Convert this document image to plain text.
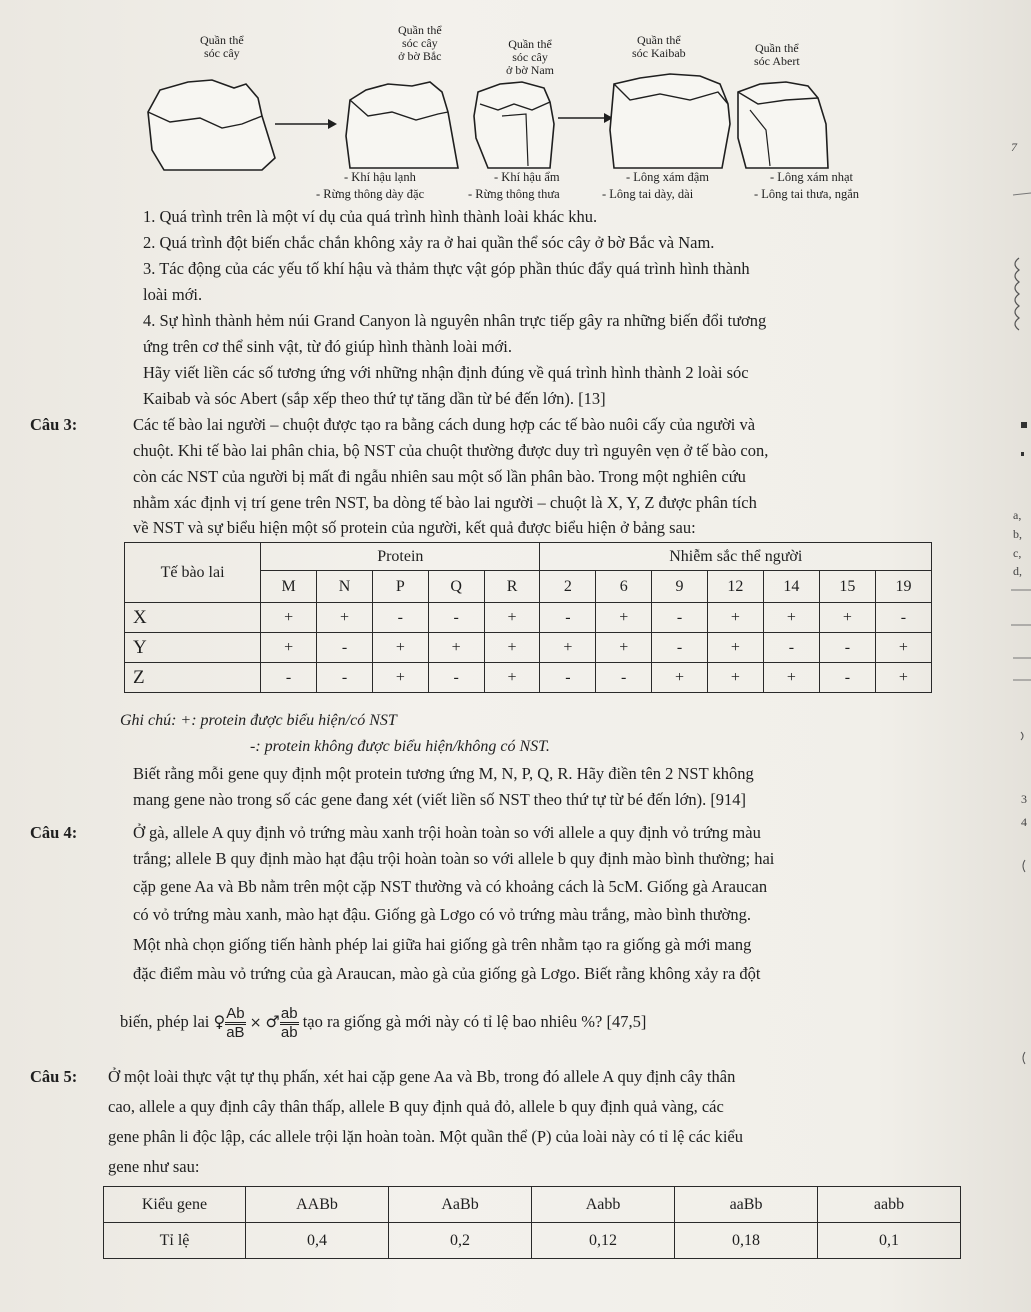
Quần thể
sóc cây
Quần thể
sóc cây
ở bờ Bắc
Quần thể
sóc cây
ở bờ Nam
Quần thể
sóc Kaibab	Quần thể
sóc Abert
- Khí hậu lạnh	- Khí hậu ẩm	- Lông xám đậm	- Lông xám nhạt
- Rừng thông dày đặc	- Rừng thông thưa	- Lông tai dày, dài	- Lông tai thưa, ngắn
1. Quá trình trên là một ví dụ của quá trình hình thành loài khác khu.
2. Quá trình đột biến chắc chắn không xảy ra ở hai quần thể sóc cây ở bờ Bắc và Nam.
3. Tác động của các yếu tố khí hậu và thảm thực vật góp phần thúc đẩy quá trình hình thành
loài mới.
4. Sự hình thành hẻm núi Grand Canyon là nguyên nhân trực tiếp gây ra những biến đổi tương
ứng trên cơ thể sinh vật, từ đó giúp hình thành loài mới.
Hãy viết liền các số tương ứng với những nhận định đúng về quá trình hình thành 2 loài sóc
Kaibab và sóc Abert (sắp xếp theo thứ tự tăng dần từ bé đến lớn). [13]
Câu 3:	Các tế bào lai người – chuột được tạo ra bằng cách dung hợp các tế bào nuôi cấy của người và
chuột. Khi tế bào lai phân chia, bộ NST của chuột thường được duy trì nguyên vẹn ở tế bào con,
còn các NST của người bị mất đi ngẫu nhiên sau một số lần phân bào. Trong một nghiên cứu
nhằm xác định vị trí gene trên NST, ba dòng tế bào lai người – chuột là X, Y, Z được phân tích
về NST và sự biểu hiện một số protein của người, kết quả được biểu hiện ở bảng sau:
Tế bào lai	Protein					Nhiễm sắc thể người						
	M	N	P	Q	R	2	6	9	12	14	15	19
X	+	+	-	-	+	-	+	-	+	+	+	-
Y	+	-	+	+	+	+	+	-	+	-	-	+
Z	-	-	+	-	+	-	-	+	+	+	-	+
Ghi chú: +: protein được biểu hiện/có NST
-: protein không được biểu hiện/không có NST.
Biết rằng mỗi gene quy định một protein tương ứng M, N, P, Q, R. Hãy điền tên 2 NST không
mang gene nào trong số các gene đang xét (viết liền số NST theo thứ tự từ bé đến lớn). [914]
Câu 4:	Ở gà, allele A quy định vỏ trứng màu xanh trội hoàn toàn so với allele a quy định vỏ trứng màu
trắng; allele B quy định mào hạt đậu trội hoàn toàn so với allele b quy định mào bình thường; hai
cặp gene Aa và Bb nằm trên một cặp NST thường và có khoảng cách là 5cM. Giống gà Araucan
có vỏ trứng màu xanh, mào hạt đậu. Giống gà Lơgo có vỏ trứng màu trắng, mào bình thường.
Một nhà chọn giống tiến hành phép lai giữa hai giống gà trên nhằm tạo ra giống gà mới mang
đặc điểm màu vỏ trứng của gà Araucan, mào gà của giống gà Lơgo. Biết rằng không xảy ra đột
biến, phép lai ♀ $\frac{Ab}{aB}$ × ♂ $\frac{ab}{ab}$ tạo ra giống gà mới này có tỉ lệ bao nhiêu %? [47,5]
Câu 5: Ở một loài thực vật tự thụ phấn, xét hai cặp gene Aa và Bb, trong đó allele A quy định cây thân
cao, allele a quy định cây thân thấp, allele B quy định quả đỏ, allele b quy định quả vàng, các
gene phân li độc lập, các allele trội lặn hoàn toàn. Một quần thể (P) của loài này có tỉ lệ các kiểu
gene như sau:
Kiểu gene	AABb	AaBb	Aabb	aaBb	aabb
Tỉ lệ	0,4	0,2	0,12	0,18	0,1
7
a,
b,
c,
d,
3
4
